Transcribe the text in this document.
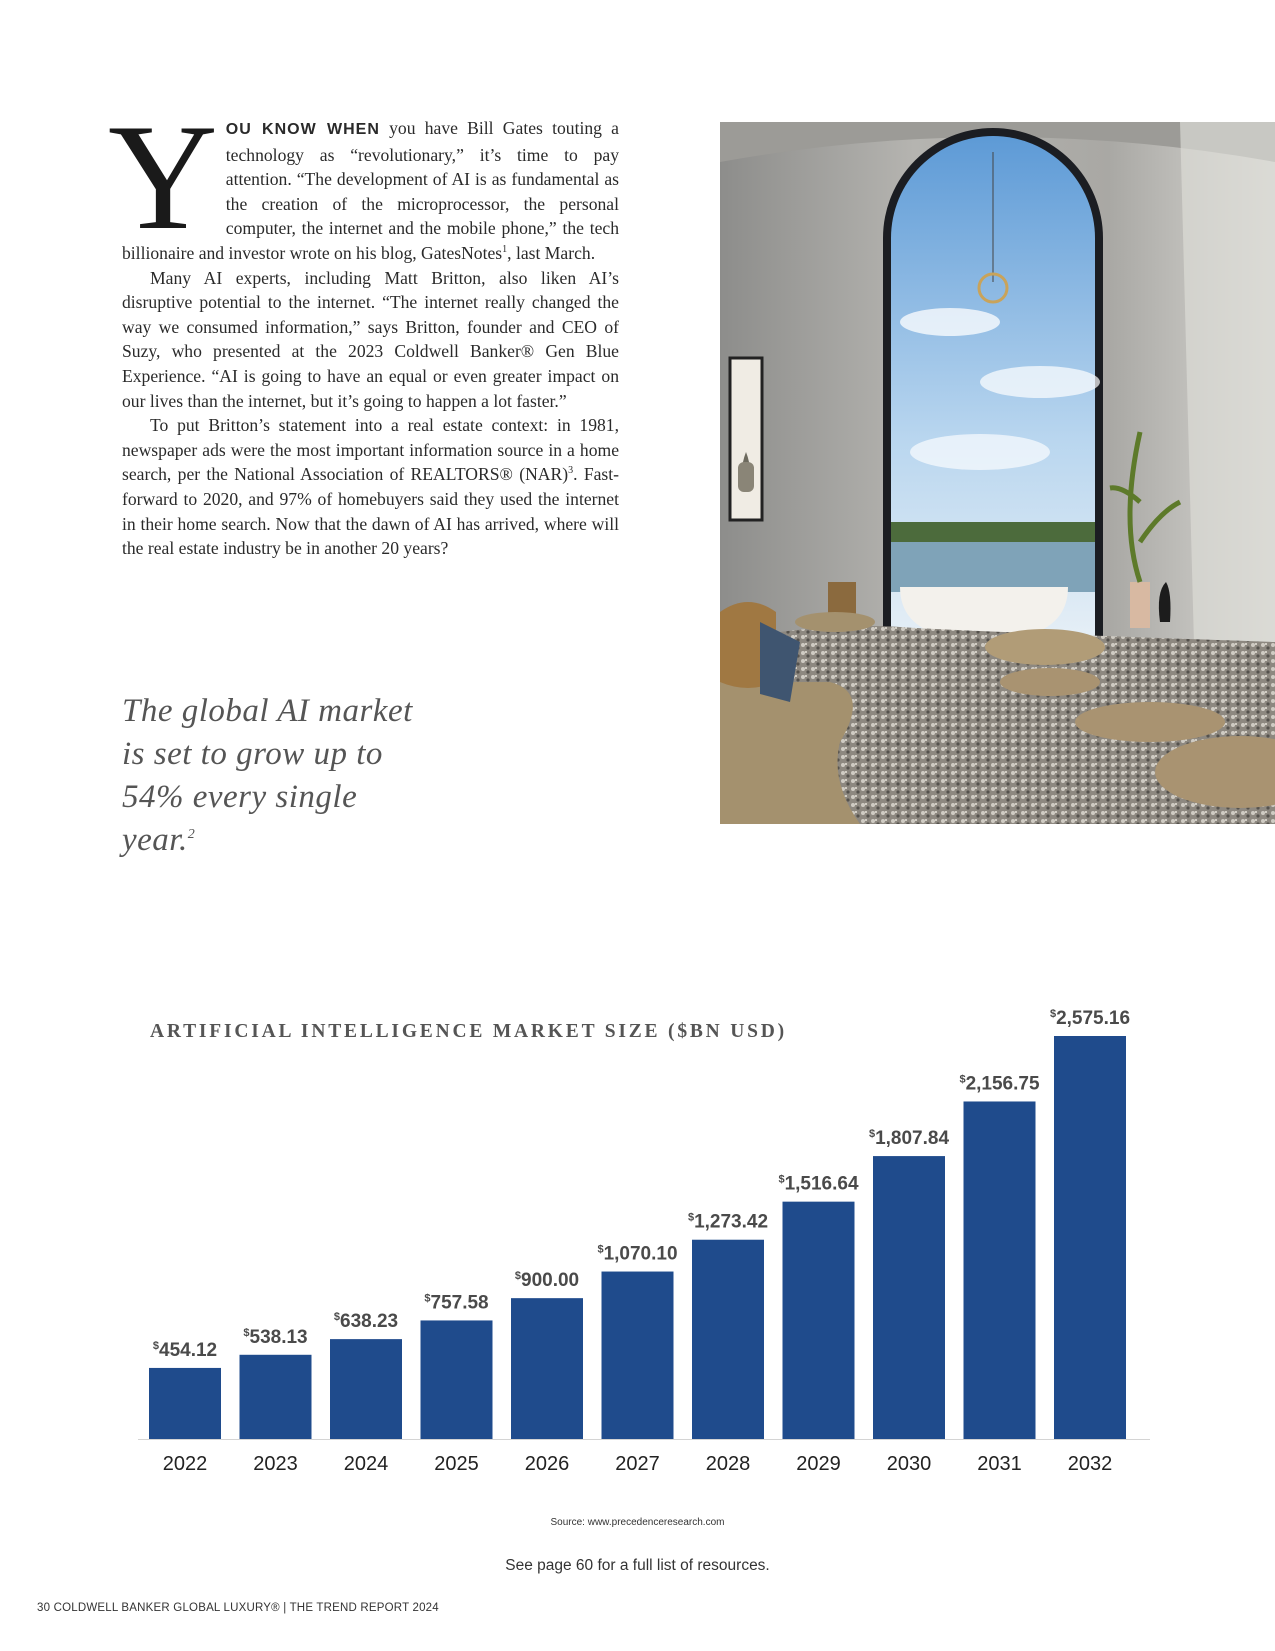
YOU KNOW WHEN you have Bill Gates touting a technology as “revolutionary,” it’s time to pay attention. “The development of AI is as fundamental as the creation of the microprocessor, the personal computer, the internet and the mobile phone,” the tech billionaire and investor wrote on his blog, GatesNotes$^1$, last March.

Many AI experts, including Matt Britton, also liken AI’s disruptive potential to the internet. “The internet really changed the way we consumed information,” says Britton, founder and CEO of Suzy, who presented at the 2023 Coldwell Banker® Gen Blue Experience. “AI is going to have an equal or even greater impact on our lives than the internet, but it’s going to happen a lot faster.”

To put Britton’s statement into a real estate context: in 1981, newspaper ads were the most important information source in a home search, per the National Association of REALTORS® (NAR)$^3$. Fast-forward to 2020, and 97% of homebuyers said they used the internet in their home search. Now that the dawn of AI has arrived, where will the real estate industry be in another 20 years?

The global AI market is set to grow up to 54% every single year.$^2$
ARTIFICIAL INTELLIGENCE MARKET SIZE ($BN USD)
$454.12
2022
$538.13
2023
$638.23
2024
$757.58
2025
$900.00
2026
$1,070.10
2027
$1,273.42
2028
$1,516.64
2029
$1,807.84
2030
$2,156.75
2031
$2,575.16
2032
Source: www.precedenceresearch.com
See page 60 for a full list of resources.
30 COLDWELL BANKER GLOBAL LUXURY® | THE TREND REPORT 2024
